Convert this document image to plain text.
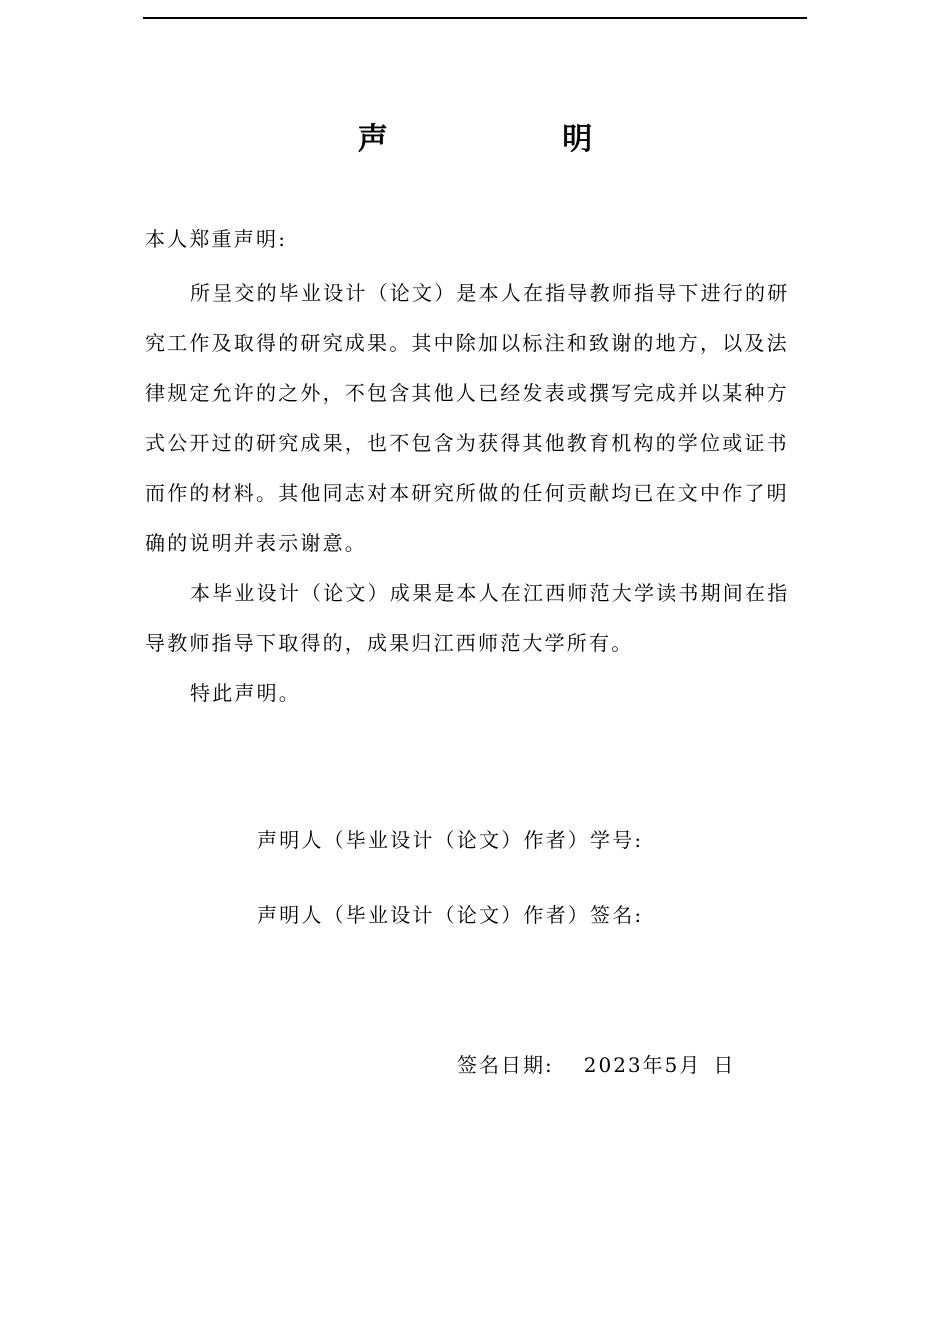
声 明
本人郑重声明:
所呈交的毕业设计（论文）是本人在指导教师指导下进行的研
究工作及取得的研究成果。其中除加以标注和致谢的地方，以及法
律规定允许的之外，不包含其他人已经发表或撰写完成并以某种方
式公开过的研究成果，也不包含为获得其他教育机构的学位或证书
而作的材料。其他同志对本研究所做的任何贡献均已在文中作了明
确的说明并表示谢意。
本毕业设计（论文）成果是本人在江西师范大学读书期间在指
导教师指导下取得的，成果归江西师范大学所有。
特此声明。
声明人（毕业设计（论文）作者）学号:
声明人（毕业设计（论文）作者）签名:
签名日期: 2023年5月 日
